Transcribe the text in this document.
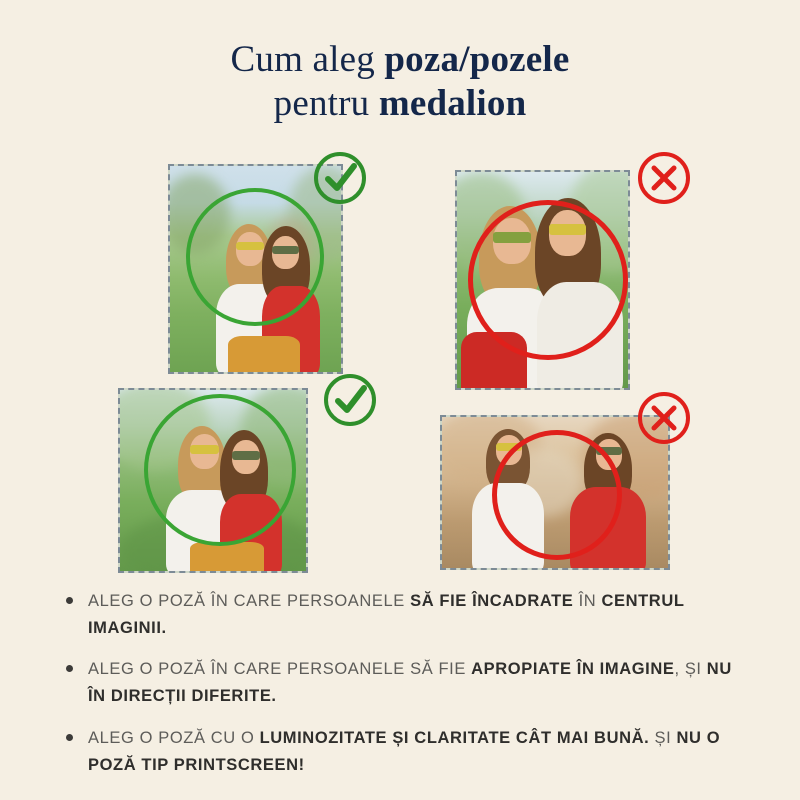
Cum aleg poza/pozele
pentru medalion
ALEG O POZĂ ÎN CARE PERSOANELE SĂ FIE ÎNCADRATE ÎN CENTRUL IMAGINII.
ALEG O POZĂ ÎN CARE PERSOANELE SĂ FIE APROPIATE ÎN IMAGINE, ȘI NU ÎN DIRECȚII DIFERITE.
ALEG O POZĂ CU O LUMINOZITATE ȘI CLARITATE CÂT MAI BUNĂ. ȘI NU O POZĂ TIP PRINTSCREEN!
